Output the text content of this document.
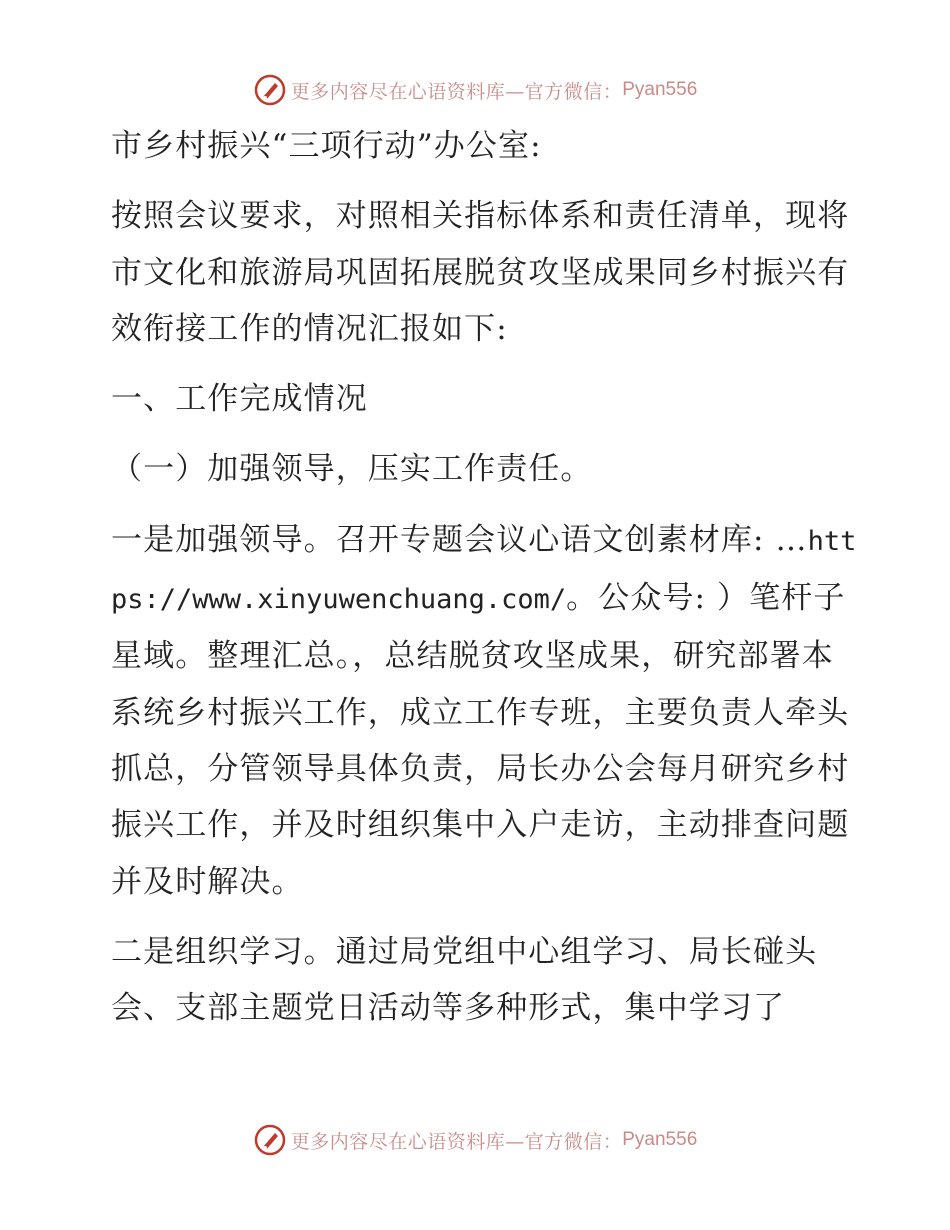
更多内容尽在心语资料库—官方微信： Pyan556

市乡村振兴“三项行动”办公室:

按照会议要求，对照相关指标体系和责任清单，现将市文化和旅游局巩固拓展脱贫攻坚成果同乡村振兴有效衔接工作的情况汇报如下:

一、工作完成情况

（一）加强领导，压实工作责任。

一是加强领导。召开专题会议心语文创素材库: …https://www.xinyuwenchuang.com/。公众号: ）笔杆子星域。整理汇总。，总结脱贫攻坚成果，研究部署本系统乡村振兴工作，成立工作专班，主要负责人牵头抓总，分管领导具体负责，局长办公会每月研究乡村振兴工作，并及时组织集中入户走访，主动排查问题并及时解决。

二是组织学习。通过局党组中心组学习、局长碰头会、支部主题党日活动等多种形式，集中学习了

更多内容尽在心语资料库—官方微信： Pyan556
